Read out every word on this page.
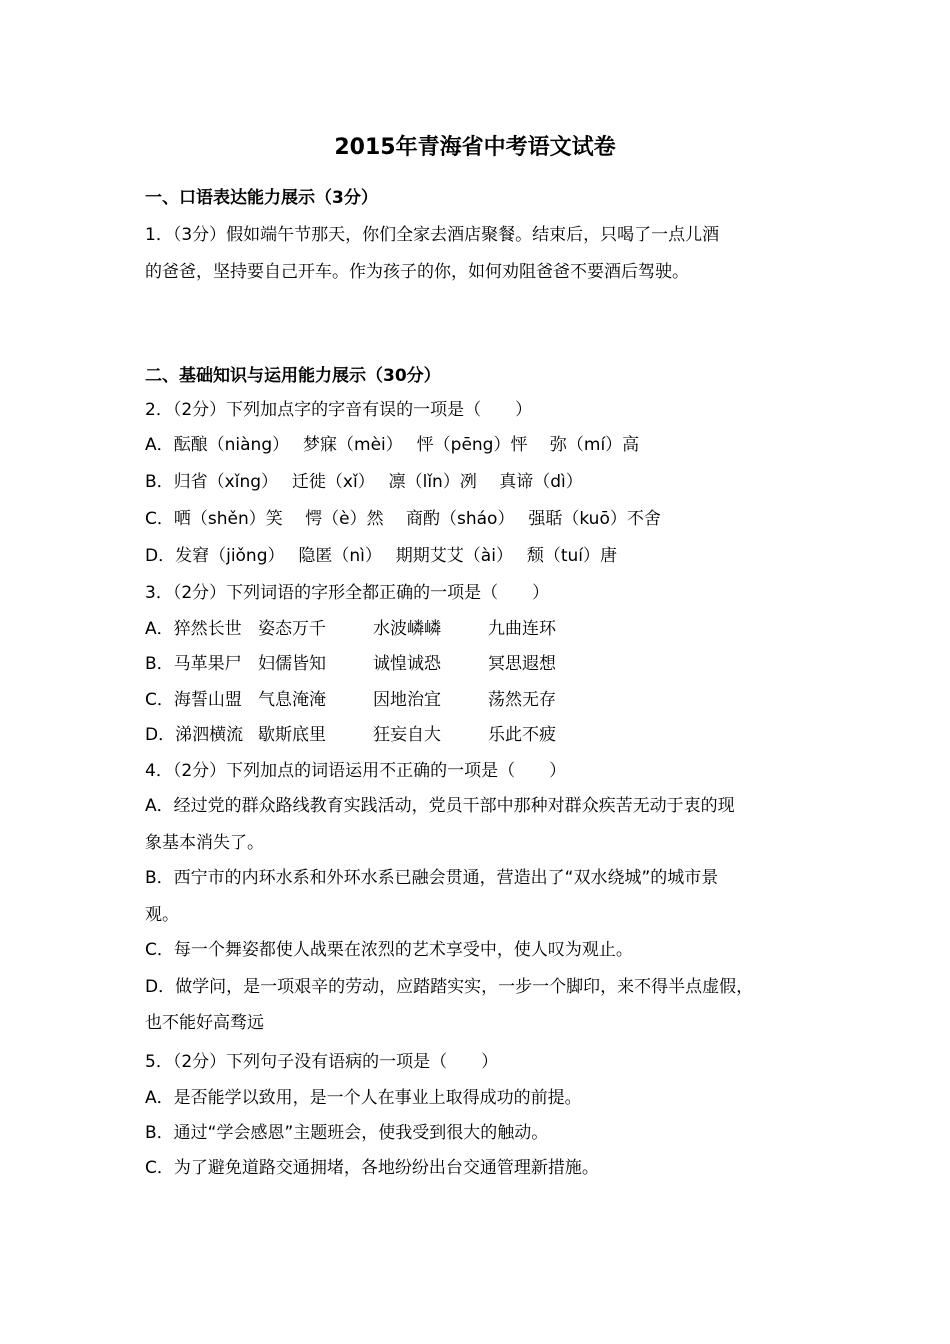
2015年青海省中考语文试卷
一、口语表达能力展示（3分）
1．（3分）假如端午节那天，你们全家去酒店聚餐。结束后，只喝了一点儿酒
的爸爸，坚持要自己开车。作为孩子的你，如何劝阻爸爸不要酒后驾驶。
二、基础知识与运用能力展示（30分）
2．（2分）下列加点字的字音有误的一项是（　　）
A．酝酿（niàng）　 梦寐（mèi）　 怦（pēng）怦　 弥（mí）高
B．归省（xǐng）　 迁徙（xǐ）　 凛（lǐn）冽　 真谛（dì）
C．哂（shěn）笑　 愕（è）然　 商酌（sháo）　 强聒（kuō）不舍
D．发窘（jiǒng）　 隐匿（nì）　 期期艾艾（ài）　 颓（tuí）唐
3．（2分）下列词语的字形全都正确的一项是（　　）
A．猝然长世 姿态万千	水波嶙嶙	九曲连环
B．马革果尸 妇儒皆知	诚惶诚恐	冥思遐想
C．海誓山盟 气息淹淹	因地治宜	荡然无存
D．涕泗横流 歇斯底里	狂妄自大	乐此不疲
4．（2分）下列加点的词语运用不正确的一项是（　　）
A．经过党的群众路线教育实践活动，党员干部中那种对群众疾苦无动于衷的现
象基本消失了。
B．西宁市的内环水系和外环水系已融会贯通，营造出了“双水绕城”的城市景
观。
C．每一个舞姿都使人战栗在浓烈的艺术享受中，使人叹为观止。
D．做学问，是一项艰辛的劳动，应踏踏实实，一步一个脚印，来不得半点虚假，
也不能好高骛远
5．（2分）下列句子没有语病的一项是（　　）
A．是否能学以致用，是一个人在事业上取得成功的前提。
B．通过“学会感恩”主题班会，使我受到很大的触动。
C．为了避免道路交通拥堵，各地纷纷出台交通管理新措施。
